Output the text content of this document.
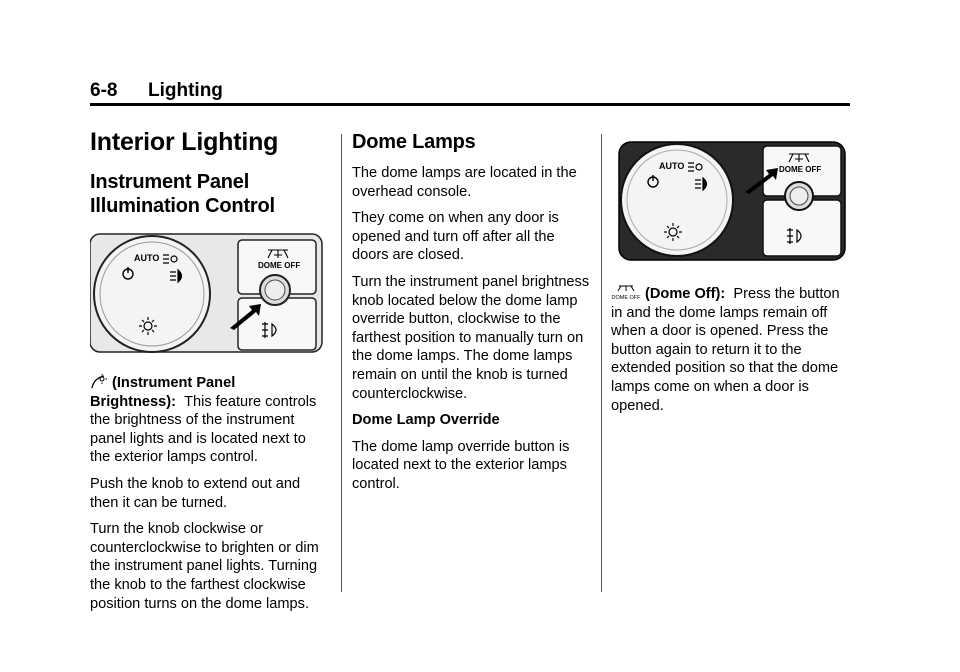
6-8 Lighting
Interior Lighting
Instrument Panel Illumination Control
AUTO
DOME OFF

(Instrument Panel Brightness): This feature controls the brightness of the instrument panel lights and is located next to the exterior lamps control.

Push the knob to extend out and then it can be turned.

Turn the knob clockwise or counterclockwise to brighten or dim the instrument panel lights. Turning the knob to the farthest clockwise position turns on the dome lamps.

Dome Lamps

The dome lamps are located in the overhead console.

They come on when any door is opened and turn off after all the doors are closed.

Turn the instrument panel brightness knob located below the dome lamp override button, clockwise to the farthest position to manually turn on the dome lamps. The dome lamps remain on until the knob is turned counterclockwise.

Dome Lamp Override

The dome lamp override button is located next to the exterior lamps control.

AUTO	DOME OFF

DOME OFF (Dome Off): Press the button in and the dome lamps remain off when a door is opened. Press the button again to return it to the extended position so that the dome lamps come on when a door is opened.
